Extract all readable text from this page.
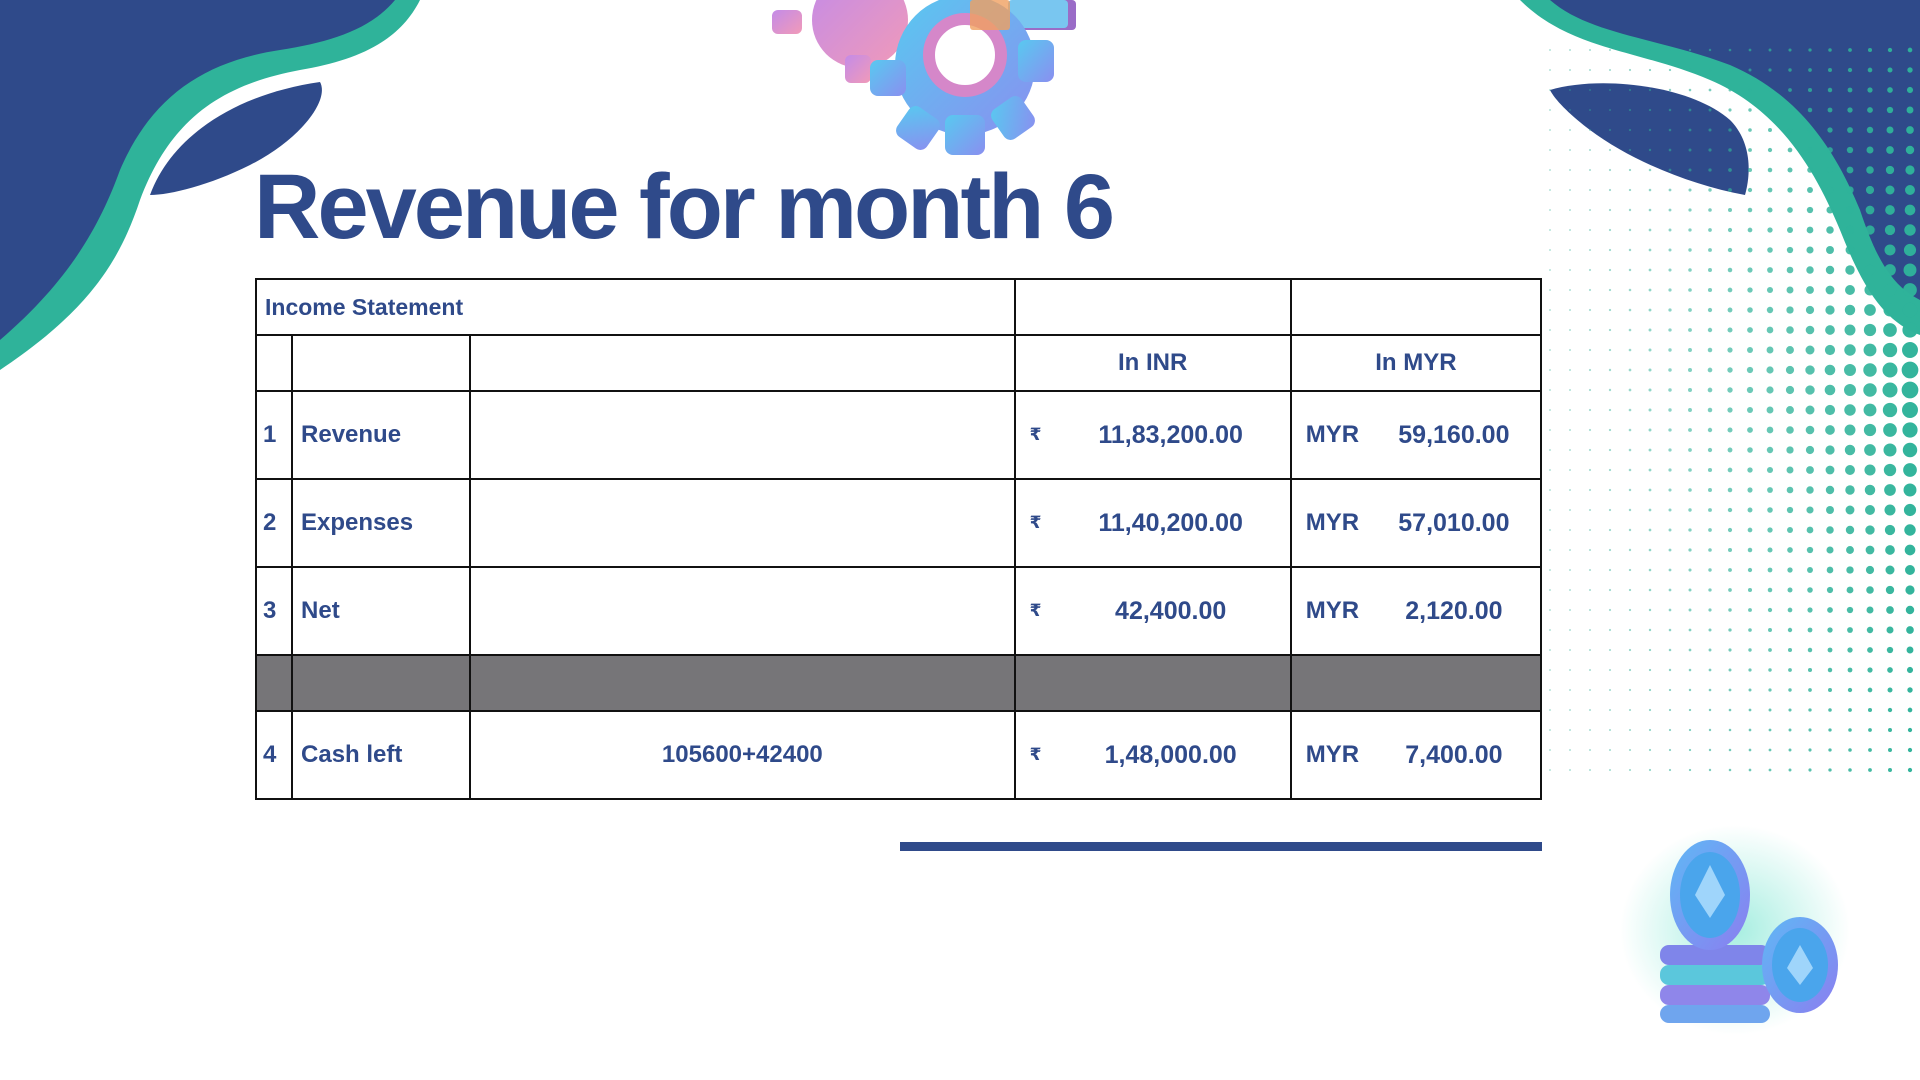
Revenue for month 6
Income Statement				
			In INR	In MYR
1	Revenue		₹ 11,83,200.00	MYR 59,160.00

2	Expenses		₹ 11,40,200.00	MYR 57,010.00

3	Net		₹ 42,400.00	MYR 2,120.00

4	Cash left	105600+42400	₹ 1,48,000.00	MYR 7,400.00
